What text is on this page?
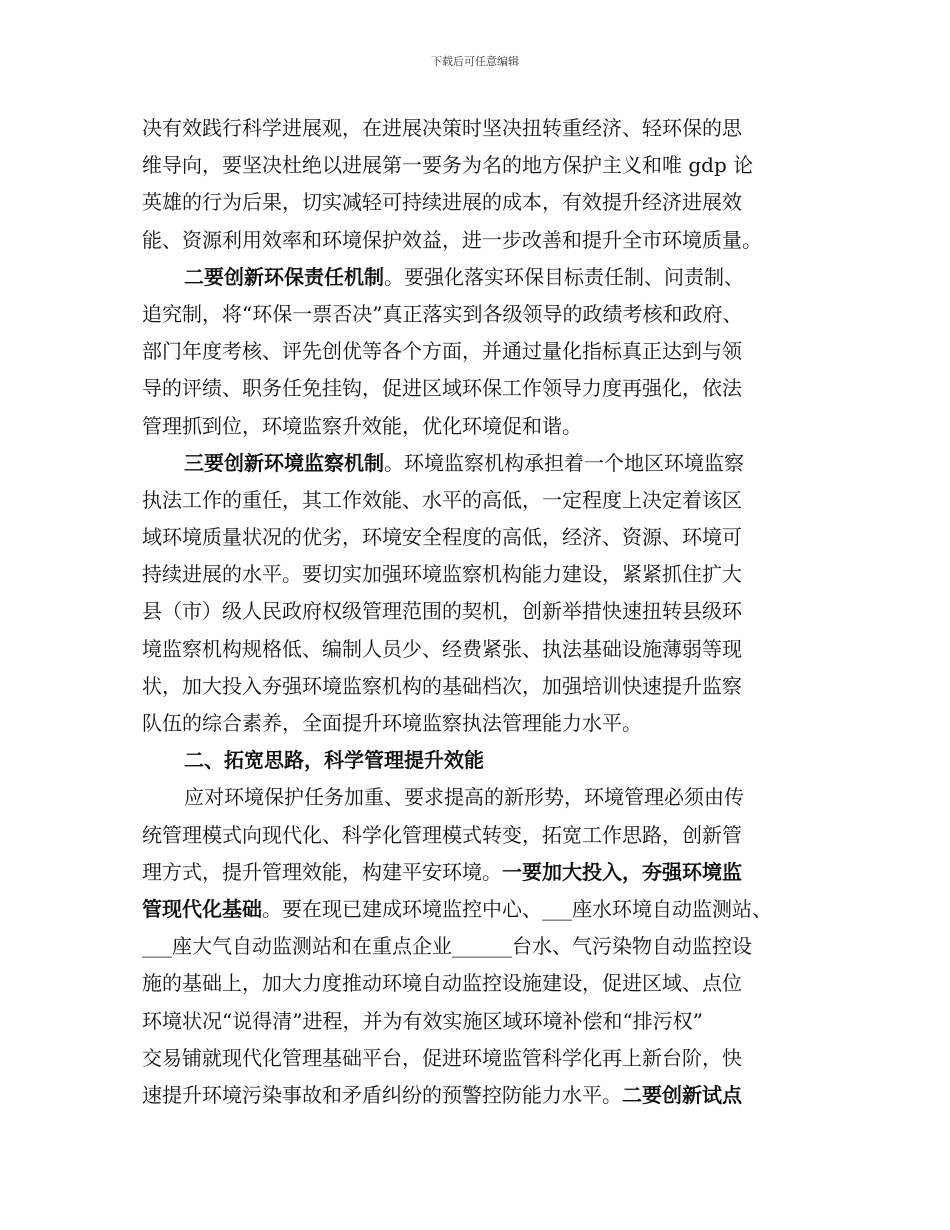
下载后可任意编辑
决有效践行科学进展观，在进展决策时坚决扭转重经济、轻环保的思
维导向，要坚决杜绝以进展第一要务为名的地方保护主义和唯 gdp 论
英雄的行为后果，切实减轻可持续进展的成本，有效提升经济进展效
能、资源利用效率和环境保护效益，进一步改善和提升全市环境质量。
二要创新环保责任机制。要强化落实环保目标责任制、问责制、
追究制，将“环保一票否决”真正落实到各级领导的政绩考核和政府、
部门年度考核、评先创优等各个方面，并通过量化指标真正达到与领
导的评绩、职务任免挂钩，促进区域环保工作领导力度再强化，依法
管理抓到位，环境监察升效能，优化环境促和谐。
三要创新环境监察机制。环境监察机构承担着一个地区环境监察
执法工作的重任，其工作效能、水平的高低，一定程度上决定着该区
域环境质量状况的优劣，环境安全程度的高低，经济、资源、环境可
持续进展的水平。要切实加强环境监察机构能力建设，紧紧抓住扩大
县（市）级人民政府权级管理范围的契机，创新举措快速扭转县级环
境监察机构规格低、编制人员少、经费紧张、执法基础设施薄弱等现
状，加大投入夯强环境监察机构的基础档次，加强培训快速提升监察
队伍的综合素养，全面提升环境监察执法管理能力水平。
二、拓宽思路，科学管理提升效能
应对环境保护任务加重、要求提高的新形势，环境管理必须由传
统管理模式向现代化、科学化管理模式转变，拓宽工作思路，创新管
理方式，提升管理效能，构建平安环境。一要加大投入，夯强环境监
管现代化基础。要在现已建成环境监控中心、___座水环境自动监测站、
___座大气自动监测站和在重点企业______台水、气污染物自动监控设
施的基础上，加大力度推动环境自动监控设施建设，促进区域、点位
环境状况“说得清”进程，并为有效实施区域环境补偿和“排污权”
交易铺就现代化管理基础平台，促进环境监管科学化再上新台阶，快
速提升环境污染事故和矛盾纠纷的预警控防能力水平。二要创新试点
